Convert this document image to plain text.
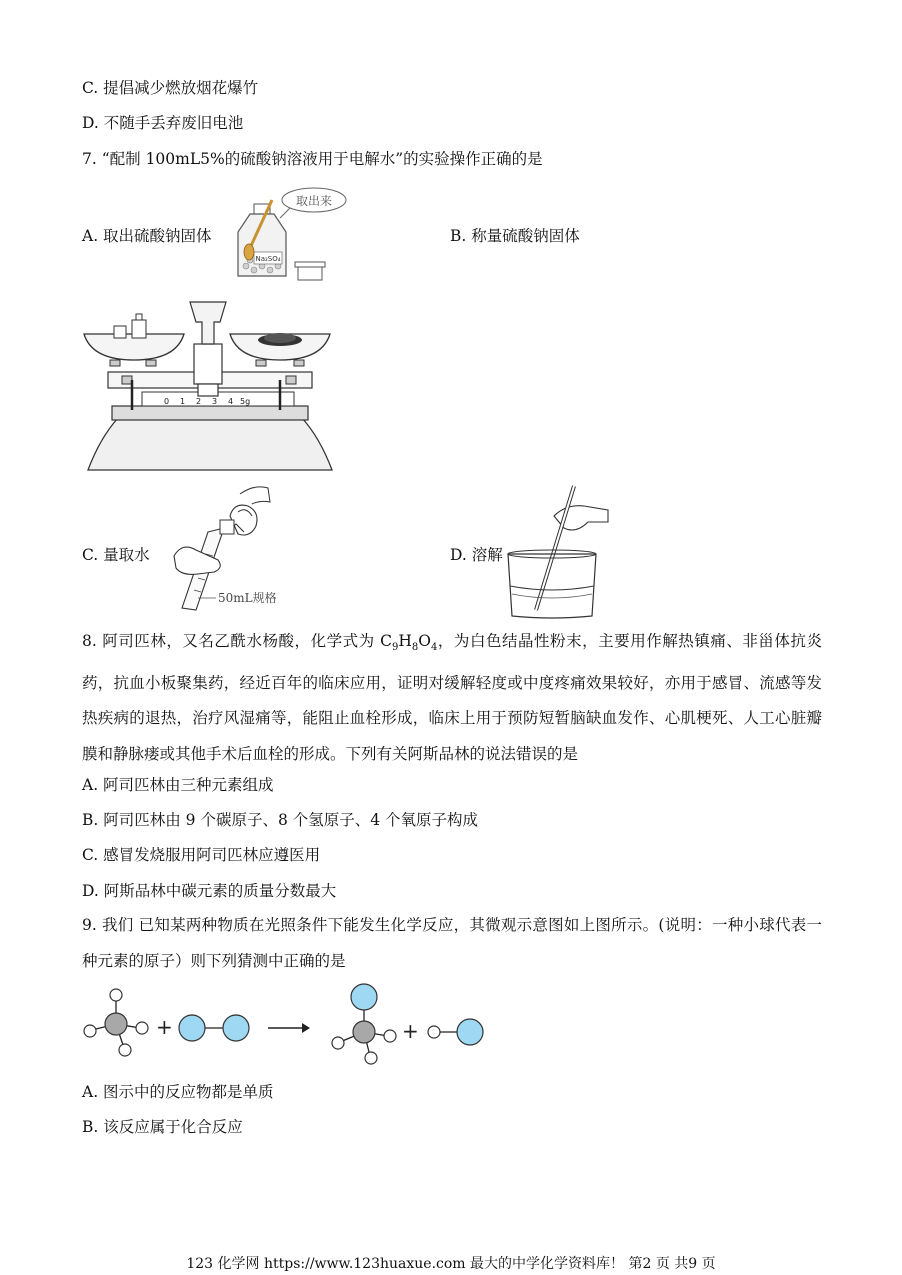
C. 提倡减少燃放烟花爆竹
D. 不随手丢弃废旧电池
7. “配制 100mL5%的硫酸钠溶液用于电解水”的实验操作正确的是
A. 取出硫酸钠固体	B. 称量硫酸钠固体
取出来
Na₂SO₄
0 1 2 3 4 5g
50mL规格
C. 量取水	D. 溶解
8. 阿司匹林，又名乙酰水杨酸，化学式为 $C_9H_8O_4$，为白色结晶性粉末，主要用作解热镇痛、非甾体抗炎药，抗血小板聚集药，经近百年的临床应用，证明对缓解轻度或中度疼痛效果较好，亦用于感冒、流感等发热疾病的退热，治疗风湿痛等，能阻止血栓形成，临床上用于预防短暂脑缺血发作、心肌梗死、人工心脏瓣膜和静脉瘘或其他手术后血栓的形成。下列有关阿斯品林的说法错误的是
A. 阿司匹林由三种元素组成
B. 阿司匹林由 9 个碳原子、8 个氢原子、4 个氧原子构成
C. 感冒发烧服用阿司匹林应遵医用
D. 阿斯品林中碳元素的质量分数最大
9. 我们 已知某两种物质在光照条件下能发生化学反应，其微观示意图如上图所示。(说明：一种小球代表一种元素的原子）则下列猜测中正确的是
+	+
A. 图示中的反应物都是单质
B. 该反应属于化合反应
123 化学网 https://www.123huaxue.com 最大的中学化学资料库！ 第2 页 共9 页
